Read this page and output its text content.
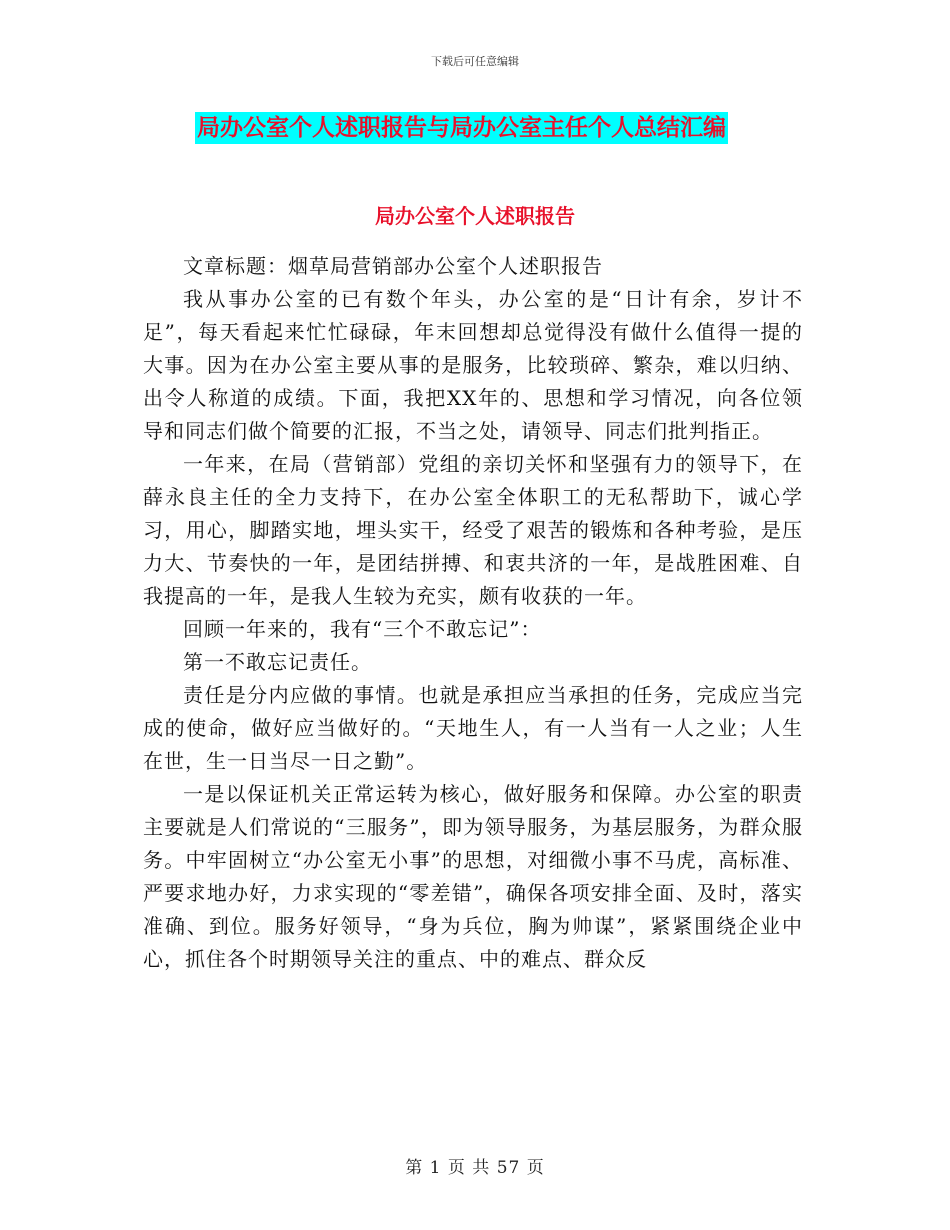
下载后可任意编辑
局办公室个人述职报告与局办公室主任个人总结汇编
局办公室个人述职报告

文章标题：烟草局营销部办公室个人述职报告

我从事办公室的已有数个年头，办公室的是“日计有余，岁计不足”，每天看起来忙忙碌碌，年末回想却总觉得没有做什么值得一提的大事。因为在办公室主要从事的是服务，比较琐碎、繁杂，难以归纳、出令人称道的成绩。下面，我把XX年的、思想和学习情况，向各位领导和同志们做个简要的汇报，不当之处，请领导、同志们批判指正。

一年来，在局（营销部）党组的亲切关怀和坚强有力的领导下，在薛永良主任的全力支持下，在办公室全体职工的无私帮助下，诚心学习，用心，脚踏实地，埋头实干，经受了艰苦的锻炼和各种考验，是压力大、节奏快的一年，是团结拼搏、和衷共济的一年，是战胜困难、自我提高的一年，是我人生较为充实，颇有收获的一年。

回顾一年来的，我有“三个不敢忘记”：

第一不敢忘记责任。

责任是分内应做的事情。也就是承担应当承担的任务，完成应当完成的使命，做好应当做好的。“天地生人，有一人当有一人之业；人生在世，生一日当尽一日之勤”。

一是以保证机关正常运转为核心，做好服务和保障。办公室的职责主要就是人们常说的“三服务”，即为领导服务，为基层服务，为群众服务。中牢固树立“办公室无小事”的思想，对细微小事不马虎，高标准、严要求地办好，力求实现的“零差错”，确保各项安排全面、及时，落实准确、到位。服务好领导，“身为兵位，胸为帅谋”，紧紧围绕企业中心，抓住各个时期领导关注的重点、中的难点、群众反

第 1 页 共 57 页
